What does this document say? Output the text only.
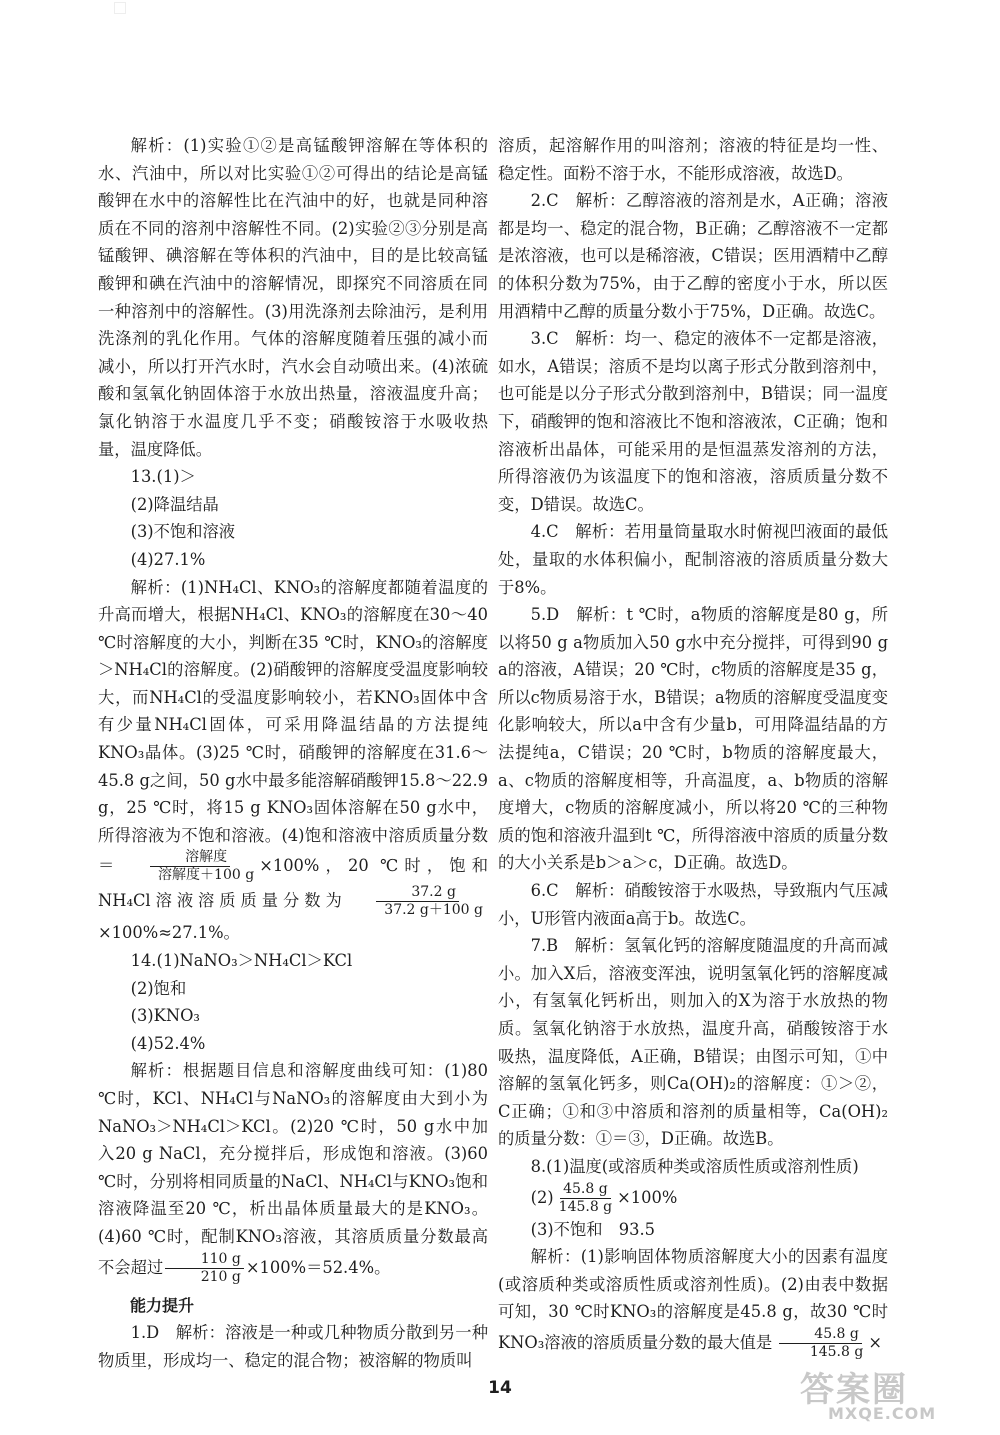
解析：(1)实验①②是高锰酸钾溶解在等体积的水、汽油中，所以对比实验①②可得出的结论是高锰酸钾在水中的溶解性比在汽油中的好，也就是同种溶质在不同的溶剂中溶解性不同。(2)实验②③分别是高锰酸钾、碘溶解在等体积的汽油中，目的是比较高锰酸钾和碘在汽油中的溶解情况，即探究不同溶质在同一种溶剂中的溶解性。(3)用洗涤剂去除油污，是利用洗涤剂的乳化作用。气体的溶解度随着压强的减小而减小，所以打开汽水时，汽水会自动喷出来。(4)浓硫酸和氢氧化钠固体溶于水放出热量，溶液温度升高；氯化钠溶于水温度几乎不变；硝酸铵溶于水吸收热量，温度降低。

13.(1)＞

(2)降温结晶

(3)不饱和溶液

(4)27.1%

解析：(1)NH₄Cl、KNO₃的溶解度都随着温度的升高而增大，根据NH₄Cl、KNO₃的溶解度在30～40 ℃时溶解度的大小，判断在35 ℃时，KNO₃的溶解度＞NH₄Cl的溶解度。(2)硝酸钾的溶解度受温度影响较大，而NH₄Cl的受温度影响较小，若KNO₃固体中含有少量NH₄Cl固体，可采用降温结晶的方法提纯KNO₃晶体。(3)25 ℃时，硝酸钾的溶解度在31.6～45.8 g之间，50 g水中最多能溶解硝酸钾15.8～22.9 g，25 ℃时，将15 g KNO₃固体溶解在50 g水中，所得溶液为不饱和溶液。(4)饱和溶液中溶质质量分数＝ $\frac{\text{溶解度}}{\text{溶解度＋100 g}} \times 100\%$，20 ℃时，饱和NH₄Cl溶液溶质质量分数为 $\frac{37.2 g}{37.2 g+100 g}$
×100%≈27.1%。

14.(1)NaNO₃＞NH₄Cl＞KCl

(2)饱和

(3)KNO₃

(4)52.4%

解析：根据题目信息和溶解度曲线可知：(1)80 ℃时，KCl、NH₄Cl与NaNO₃的溶解度由大到小为NaNO₃＞NH₄Cl＞KCl。(2)20 ℃时，50 g水中加入20 g NaCl，充分搅拌后，形成饱和溶液。(3)60 ℃时，分别将相同质量的NaCl、NH₄Cl与KNO₃饱和溶液降温至20 ℃，析出晶体质量最大的是KNO₃。(4)60 ℃时，配制KNO₃溶液，其溶质质量分数最高不会超过 $\frac{110 g}{210 g} \times 100\%=52.4\%$。

能力提升

1.D　解析：溶液是一种或几种物质分散到另一种物质里，形成均一、稳定的混合物；被溶解的物质叫

溶质，起溶解作用的叫溶剂；溶液的特征是均一性、稳定性。面粉不溶于水，不能形成溶液，故选D。

2.C　解析：乙醇溶液的溶剂是水，A正确；溶液都是均一、稳定的混合物，B正确；乙醇溶液不一定都是浓溶液，也可以是稀溶液，C错误；医用酒精中乙醇的体积分数为75%，由于乙醇的密度小于水，所以医用酒精中乙醇的质量分数小于75%，D正确。故选C。

3.C　解析：均一、稳定的液体不一定都是溶液，如水，A错误；溶质不是均以离子形式分散到溶剂中，也可能是以分子形式分散到溶剂中，B错误；同一温度下，硝酸钾的饱和溶液比不饱和溶液浓，C正确；饱和溶液析出晶体，可能采用的是恒温蒸发溶剂的方法，所得溶液仍为该温度下的饱和溶液，溶质质量分数不变，D错误。故选C。

4.C　解析：若用量筒量取水时俯视凹液面的最低处，量取的水体积偏小，配制溶液的溶质质量分数大于8%。

5.D　解析：t ℃时，a物质的溶解度是80 g，所以将50 g a物质加入50 g水中充分搅拌，可得到90 g a的溶液，A错误；20 ℃时，c物质的溶解度是35 g，所以c物质易溶于水，B错误；a物质的溶解度受温度变化影响较大，所以a中含有少量b，可用降温结晶的方法提纯a，C错误；20 ℃时，b物质的溶解度最大，a、c物质的溶解度相等，升高温度，a、b物质的溶解度增大，c物质的溶解度减小，所以将20 ℃的三种物质的饱和溶液升温到t ℃，所得溶液中溶质的质量分数的大小关系是b＞a＞c，D正确。故选D。

6.C　解析：硝酸铵溶于水吸热，导致瓶内气压减小，U形管内液面a高于b。故选C。

7.B　解析：氢氧化钙的溶解度随温度的升高而减小。加入X后，溶液变浑浊，说明氢氧化钙的溶解度减小，有氢氧化钙析出，则加入的X为溶于水放热的物质。氢氧化钠溶于水放热，温度升高，硝酸铵溶于水吸热，温度降低，A正确，B错误；由图示可知，①中溶解的氢氧化钙多，则Ca(OH)₂的溶解度：①＞②，C正确；①和③中溶质和溶剂的质量相等，Ca(OH)₂的质量分数：①＝③，D正确。故选B。

8.(1)温度(或溶质种类或溶质性质或溶剂性质)

$(2) \frac{45.8 g}{145.8 g} \times 100\%$

(3)不饱和　93.5

解析：(1)影响固体物质溶解度大小的因素有温度(或溶质种类或溶质性质或溶剂性质)。(2)由表中数据可知，30 ℃时KNO₃的溶解度是45.8 g，故30 ℃时KNO₃溶液的溶质质量分数的最大值是 $\frac{45.8 g}{145.8 g}$ ×

14	答案圈
MXQE.COM
